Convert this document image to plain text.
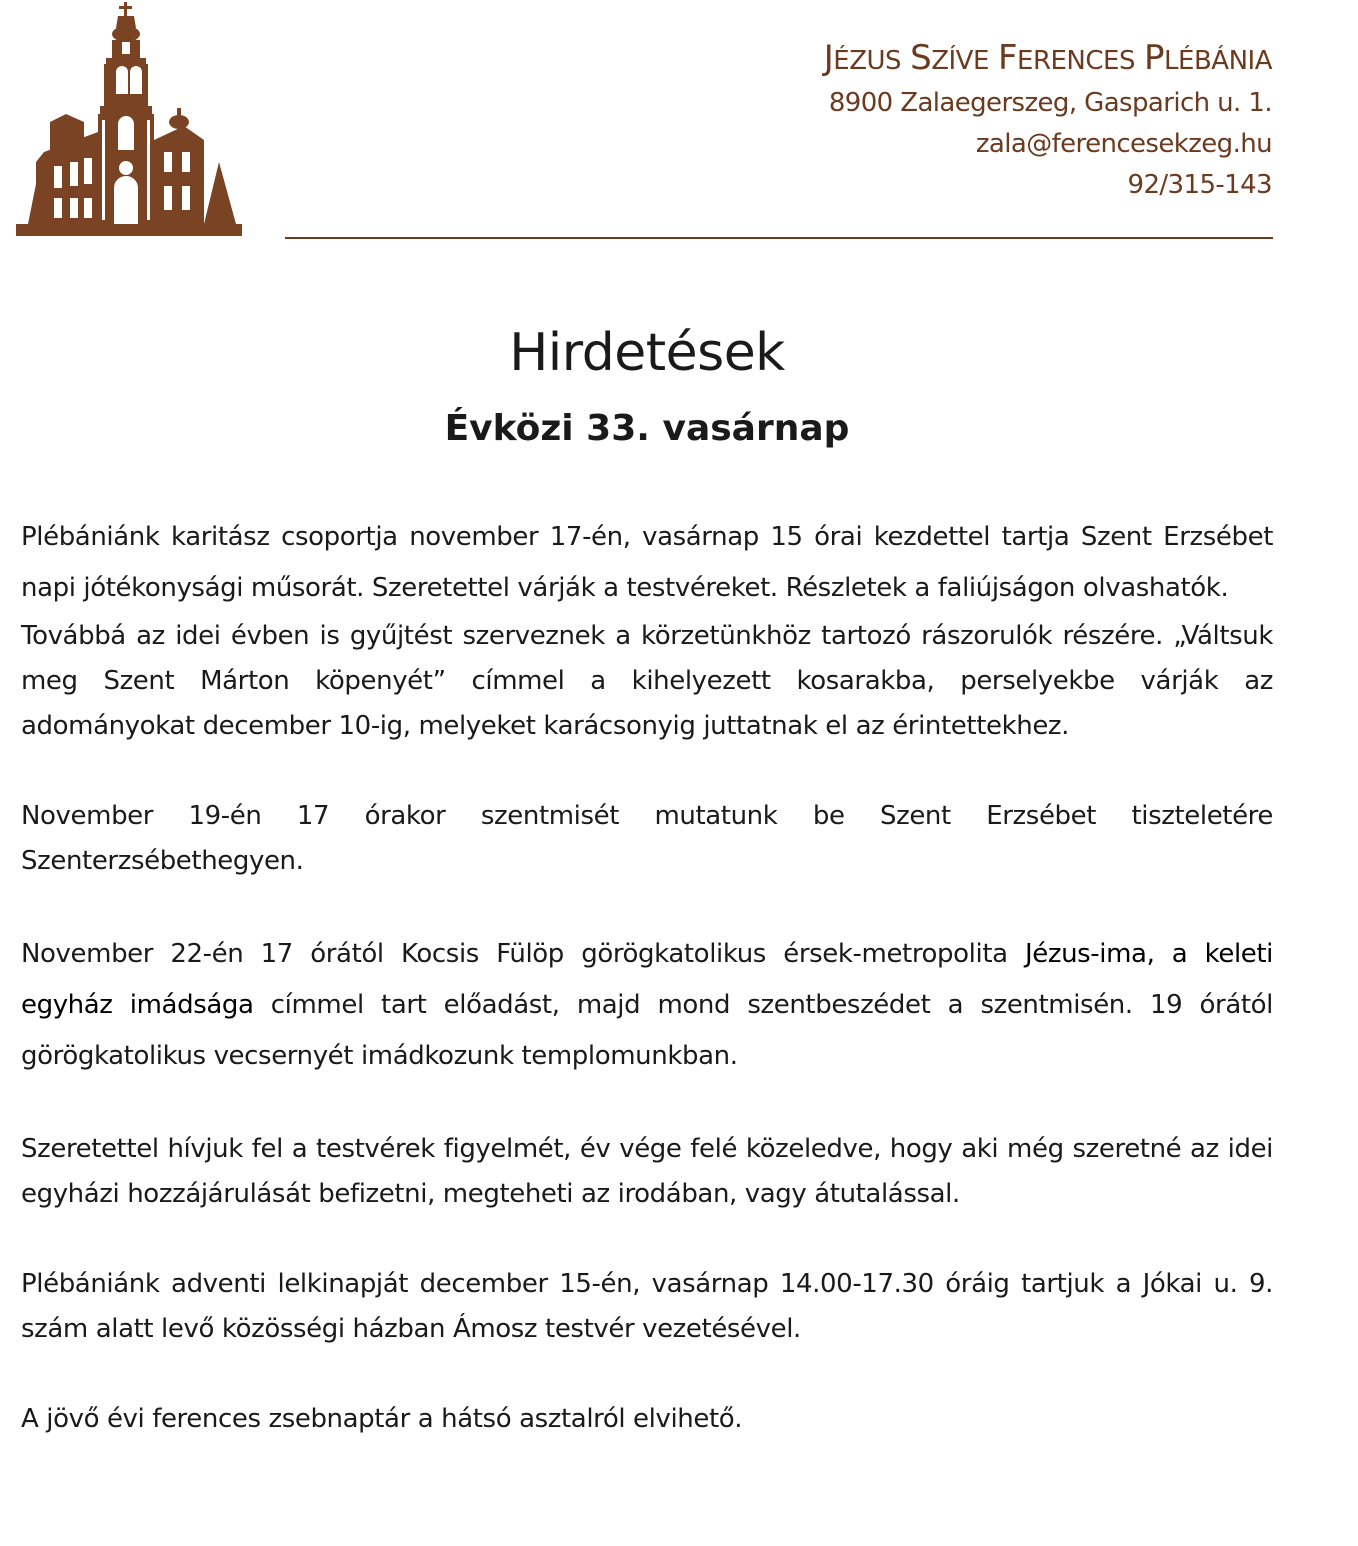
JÉZUS SZÍVE FERENCES PLÉBÁNIA
8900 Zalaegerszeg, Gasparich u. 1.
zala@ferencesekzeg.hu
92/315-143
Hirdetések
Évközi 33. vasárnap

Plébániánk karitász csoportja november 17-én, vasárnap 15 órai kezdettel tartja Szent Erzsébet napi jótékonysági műsorát. Szeretettel várják a testvéreket. Részletek a faliújságon olvashatók.

Továbbá az idei évben is gyűjtést szerveznek a körzetünkhöz tartozó rászorulók részére. „Váltsuk meg Szent Márton köpenyét” címmel a kihelyezett kosarakba, perselyekbe várják az adományokat december 10-ig, melyeket karácsonyig juttatnak el az érintettekhez.

November 19-én 17 órakor szentmisét mutatunk be Szent Erzsébet tiszteletére Szenterzsébethegyen.

November 22-én 17 órától Kocsis Fülöp görögkatolikus érsek-metropolita Jézus-ima, a keleti egyház imádsága címmel tart előadást, majd mond szentbeszédet a szentmisén. 19 órától görögkatolikus vecsernyét imádkozunk templomunkban.

Szeretettel hívjuk fel a testvérek figyelmét, év vége felé közeledve, hogy aki még szeretné az idei egyházi hozzájárulását befizetni, megteheti az irodában, vagy átutalással.

Plébániánk adventi lelkinapját december 15-én, vasárnap 14.00-17.30 óráig tartjuk a Jókai u. 9. szám alatt levő közösségi házban Ámosz testvér vezetésével.

A jövő évi ferences zsebnaptár a hátsó asztalról elvihető.
